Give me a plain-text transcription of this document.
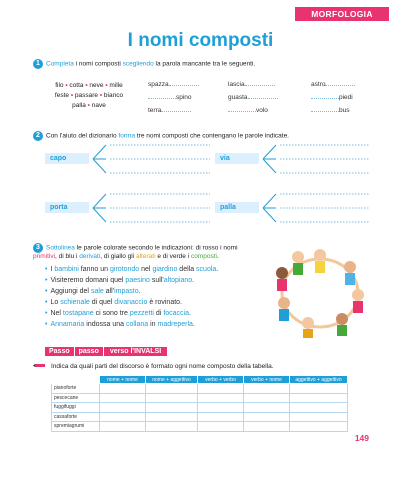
MORFOLOGIA
I nomi composti
1 Completa i nomi composti scegliendo la parola mancante tra le seguenti.
filo • cotta • neve • mille
feste • passare • bianco
palla • nave
spazza	lascia	astro
spino	guasta	piedi
terra	volo	bus
2 Con l'aiuto del dizionario forma tre nomi composti che contengano le parole indicate.
capo	via
porta	palla
3 Sottolinea le parole colorate secondo le indicazioni: di rosso i nomi
primitivi, di blu i derivati, di giallo gli alterati e di verde i composti.
• I bambini fanno un girotondo nel giardino della scuola.
• Visiteremo domani quel paesino sull'altopiano.
• Aggiungi del sale all'impasto.
• Lo schienale di quel divanaccio è rovinato.
• Nel tostapane ci sono tre pezzetti di focaccia.
• Annamaria indossa una collana in madreperla.
Passo	passo	verso l'INVALSI
Indica da quali parti del discorso è formato ogni nome composto della tabella.
	nome + nome	nome + aggettivo	verbo + verbo	verbo + nome	aggettivo + aggettivo
pianoforte					
pescecane					
fuggifuggi					
cassaforte					
spremiagrumi					
149
